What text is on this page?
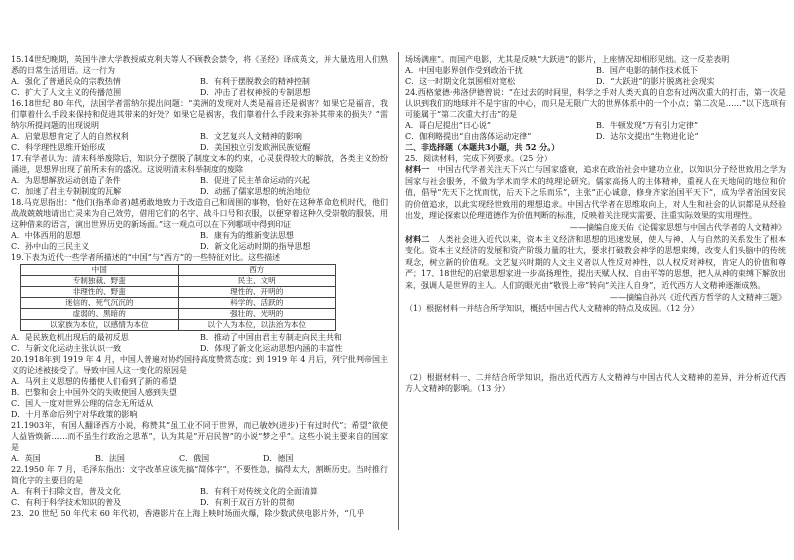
15.14世纪晚期，英国牛津大学教授威克利夫等人不顾教会禁令，将《圣经》译成英文，并大量选用人们熟悉的日常生活用语。这一行为

A．强化了普通民众的宗教热情	B．有利于摆脱教会的精神控制
C．扩大了人文主义的传播范围	D．冲击了君权神授的专制思想

16.18世纪 80 年代，法国学者雷纳尔提出问题：“美洲的发现对人类是福音还是祸害？如果它是福音，我们靠着什么手段来保持和促进其带来的好处？如果它是祸害，我们靠着什么手段来弥补其带来的损失？”雷纳尔所提问题的出现说明

A．启蒙思想肯定了人的自然权利	B．文艺复兴人文精神的影响
C．科学理性思维开始形成	D．美国独立引发欧洲民族觉醒

17.有学者认为：清末科举废除后，知识分子摆脱了制度文本的约束，心灵获得较大的解放，各类主义纷纷涌进，思想界出现了前所未有的盛况。这说明清末科举制度的废除

A．为思想解放运动创造了条件	B．促进了民主革命运动的兴起
C．加速了君主专制制度的瓦解	D．动摇了儒家思想的统治地位

18.马克思指出：“他们(指革命者)越勇敢地致力于改造自己和周围的事物，恰好在这种革命危机时代，他们战战兢兢地请出亡灵来为自己效劳，借用它们的名字、战斗口号和衣服，以便穿着这种久受崇敬的服装，用这种借来的语言，演出世界历史的新场面。”这一观点可以在下列哪项中得到印证

A．中体西用的思想	B．康有为的维新变法思想
C．孙中山的三民主义	D．新文化运动时期的指导思想

19.下表为近代一些学者所描述的“中国”与“西方”的一些特征对比。这些描述

中国	西方
专制独裁、野蛮	民主、文明
非理性的、野蛮	理性的、开明的
迷信的、死气沉沉的	科学的、活跃的
虚弱的、黑暗的	强壮的、光明的
以家族为本位，以感情为本位	以个人为本位，以法治为本位
A．是民族危机出现后的最初反思	B．推动了中国由君主专制走向民主共和
C．与新文化运动主张认识一致	D．体现了新文化运动思想内涵的丰富性

20.1918年到 1919 年 4 月，中国人普遍对协约国持高度赞赏态度；到 1919 年 4 月后，列宁批判帝国主义的论述被接受了。导致中国人这一变化的原因是

A．马列主义思想的传播使人们看到了新的希望
B．巴黎和会上中国外交的失败使国人感到失望
C．国人一度对世界公理的信念无所适从
D．十月革命后列宁对华政策的影响

21.1903年，有国人翻译西方小说，称赞其“虽工业不同于世界，而已敏妙(进步)于有过时代”；希望“欲使人益皆焕新……而不虽生行政治之思革”，认为其是“开启民智”的小说“梦之乎”。这些小说主要来自的国家是

A．英国	B．法国	C．俄国	D．德国

22.1950 年 7 月，毛泽东指出：文字改革应该先搞“简体字”，不要性急，搞得太大，割断历史。当时推行简化字的主要目的是

A．有利于扫除文盲，普及文化	B．有利于对传统文化的全面清算
C．有利于科学技术知识的普及	D．有利于双百方针的贯彻

23．20 世纪 50 年代末 60 年代初，香港影片在上海上映时场面火爆，除少数武侠电影片外，“几乎

场场满座”。而国产电影，尤其是反映“大跃进”的影片，上座情况却相形见绌。这一反差表明

A．中国电影界创作受到政治干扰	B．国产电影的制作技术低下
C．这一时期文化氛围相对宽松	D．“大跃进”的影片脱离社会现实

24.西格蒙德·弗洛伊德曾说：“在过去的时间里，科学之手对人类天真的自恋有过两次重大的打击，第一次是认识到我们的地球并不是宇宙的中心，而只是无限广大的世界体系中的一个小点；第二次是……”以下选项有可能属于“第二次重大打击”的是

A．哥白尼提出“日心说”	B．牛顿发现“万有引力定律”
C．伽利略提出“自由落体运动定律”	D．达尔文提出“生物进化论”

二、非选择题（本题共3小题，共 52 分。）

25．阅读材料，完成下列要求。（25 分）

材料一　中国古代学者关注天下兴亡与国家盛衰，追求在政治社会中建功立业，以知识分子经世致用之学为国家与社会服务，不做为学术而学术的纯理论研究。儒家高扬人的主体精神，重视人在天地间的地位和价值，倡导“先天下之忧而忧，后天下之乐而乐”，主张“正心诚意，修身齐家治国平天下”，成为学者治国安民的价值追求，以此实现经世致用的理想追求。中国古代学者在思维取向上，对人生和社会的认识都是从经验出发，理论探索以伦理道德作为价值判断的标准，反映着关注现实需要、注重实际效果的实用理性。

——摘编自庞天佑《论儒家思想与中国古代学者的人文精神》

材料二　人类社会进入近代以来，资本主义经济和思想的迅速发展，使人与神、人与自然的关系发生了根本变化。资本主义经济的发展和资产阶级力量的壮大，要求打破教会神学的思想束缚，改变人们头脑中的传统观念，树立新的价值观。文艺复兴时期的人文主义者以人性反对神性，以人权反对神权，肯定人的价值和尊严；17、18世纪的启蒙思想家进一步高扬理性，提出天赋人权、自由平等的思想，把人从神的束缚下解放出来，强调人是世界的主人。人们的眼光由“敬畏上帝”转向“关注人自身”，近代西方人文精神逐渐成熟。

——摘编自孙兴《近代西方哲学的人文精神三题》

（1）根据材料一并结合所学知识，概括中国古代人文精神的特点及成因。（12 分）

（2）根据材料一、二并结合所学知识，指出近代西方人文精神与中国古代人文精神的差异，并分析近代西方人文精神的影响。（13 分）
